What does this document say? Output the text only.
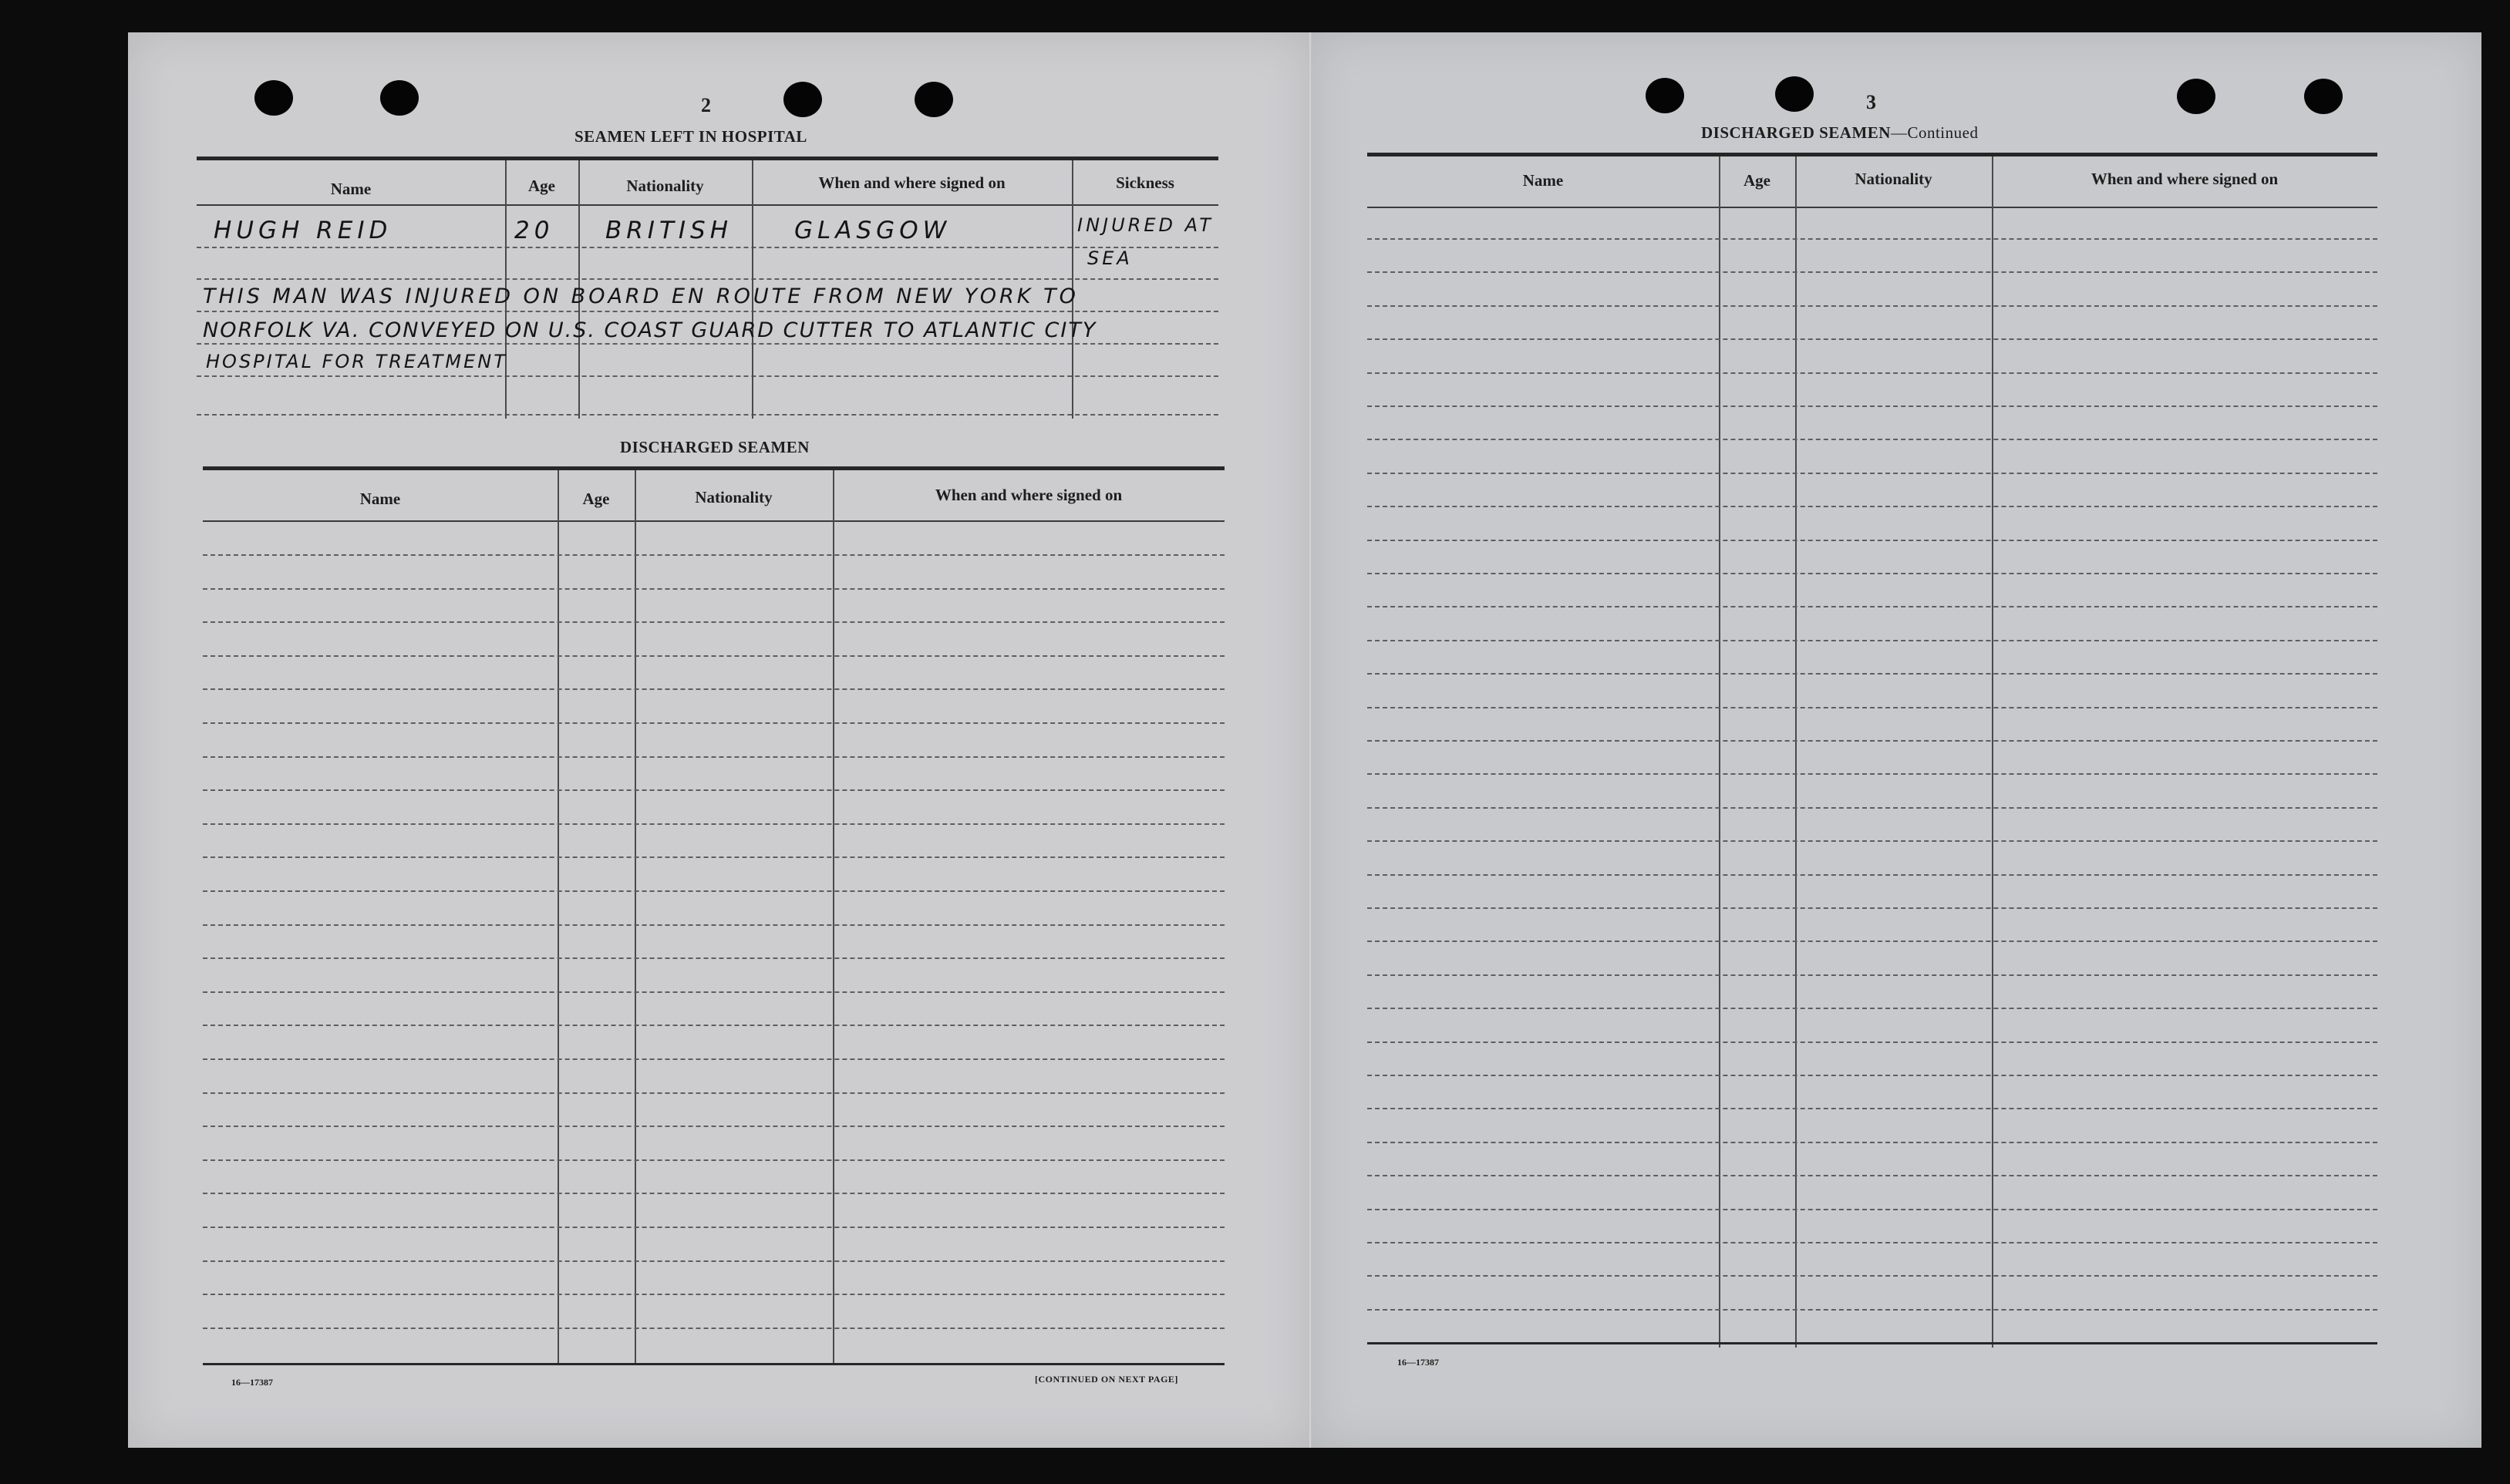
2
SEAMEN LEFT IN HOSPITAL
Name	Age	Nationality	When and where signed on	Sickness
HUGH REID	20 BRITISH	GLASGOW	INJURED AT
SEA
THIS MAN WAS INJURED ON BOARD EN ROUTE FROM NEW YORK TO
NORFOLK VA. CONVEYED ON U.S. COAST GUARD CUTTER TO ATLANTIC CITY
HOSPITAL FOR TREATMENT
DISCHARGED SEAMEN
Name	Age	Nationality	When and where signed on
16—17387	[CONTINUED ON NEXT PAGE]
3
DISCHARGED SEAMEN—Continued
Name	Age	Nationality	When and where signed on
16—17387
